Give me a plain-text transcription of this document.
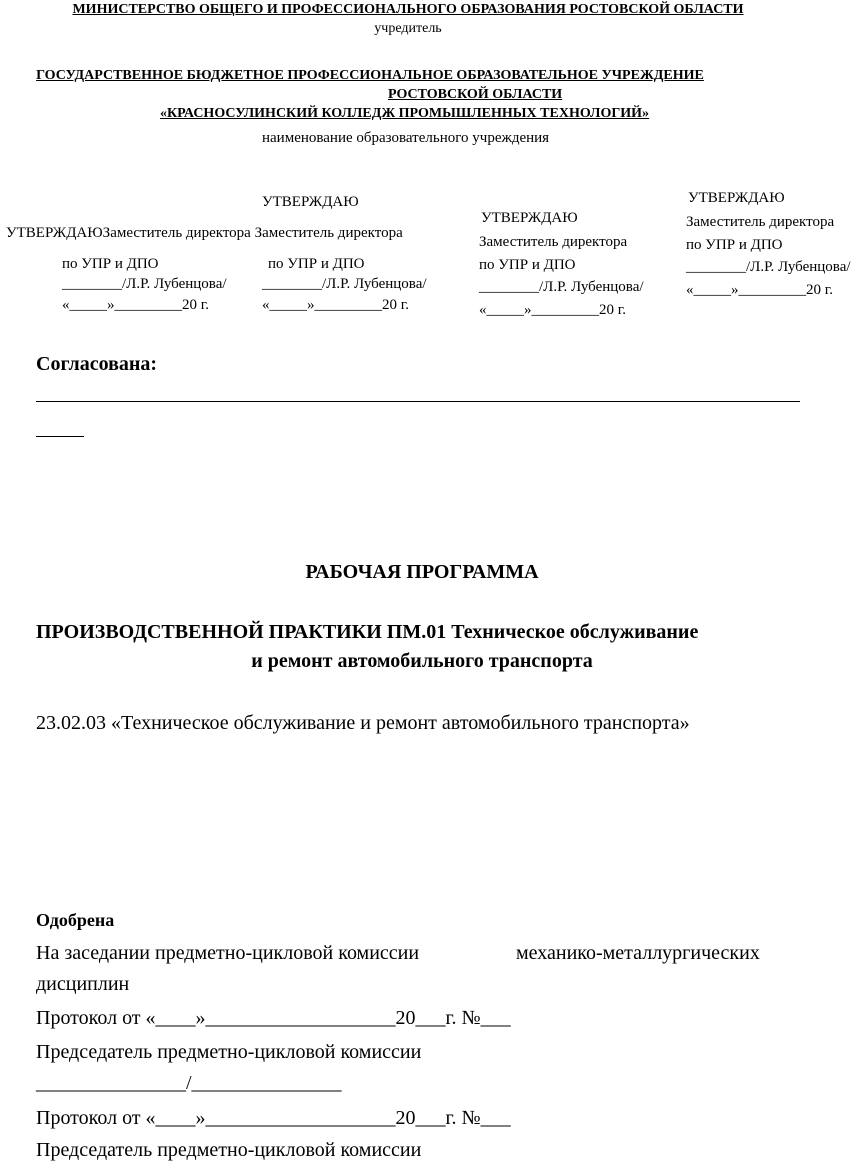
МИНИСТЕРСТВО ОБЩЕГО И ПРОФЕССИОНАЛЬНОГО ОБРАЗОВАНИЯ РОСТОВСКОЙ ОБЛАСТИ
учредитель
ГОСУДАРСТВЕННОЕ БЮДЖЕТНОЕ ПРОФЕССИОНАЛЬНОЕ ОБРАЗОВАТЕЛЬНОЕ УЧРЕЖДЕНИЕ
РОСТОВСКОЙ ОБЛАСТИ
«КРАСНОСУЛИНСКИЙ КОЛЛЕДЖ ПРОМЫШЛЕННЫХ ТЕХНОЛОГИЙ»
наименование образовательного учреждения
УТВЕРЖДАЮ
УТВЕРЖДАЮЗаместитель директора Заместитель директора
по УПР и ДПО	по УПР и ДПО
________/Л.Р. Лубенцова/ ________/Л.Р. Лубенцова/
«_____»_________20 г.	«_____»_________20 г.
УТВЕРЖДАЮ
Заместитель директора
по УПР и ДПО
________/Л.Р. Лубенцова/
«_____»_________20 г.
УТВЕРЖДАЮ
Заместитель директора
по УПР и ДПО
________/Л.Р. Лубенцова/
«_____»_________20 г.
Согласована:
РАБОЧАЯ ПРОГРАММА
ПРОИЗВОДСТВЕННОЙ ПРАКТИКИ ПМ.01 Техническое обслуживание
и ремонт автомобильного транспорта
23.02.03 «Техническое обслуживание и ремонт автомобильного транспорта»
Одобрена
На заседании предметно-цикловой комиссии	механико-металлургических
дисциплин
Протокол от «____»___________________20___г. №___
Председатель предметно-цикловой комиссии
_______________/_______________
Протокол от «____»___________________20___г. №___
Председатель предметно-цикловой комиссии
